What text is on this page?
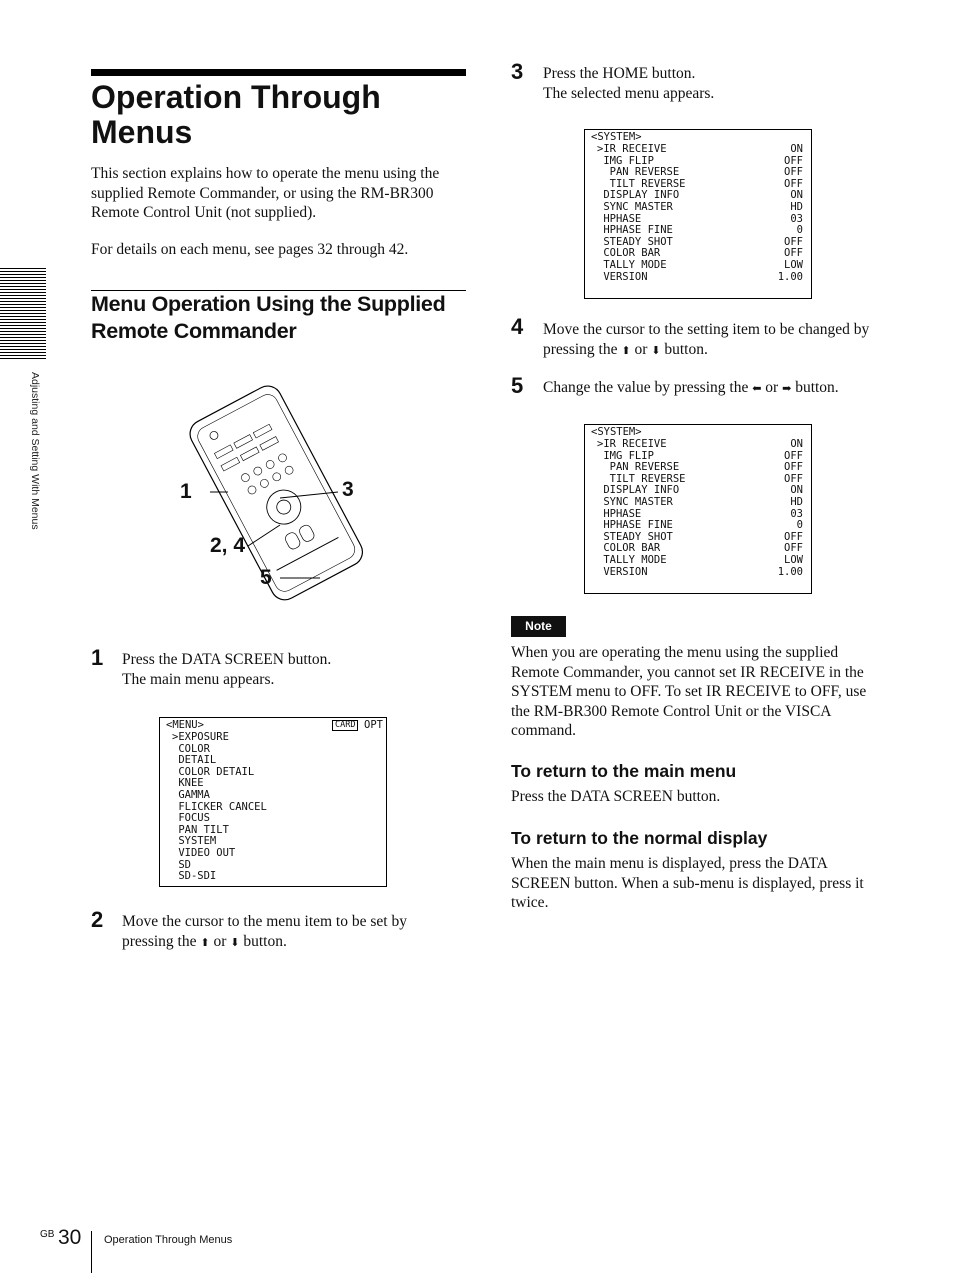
Adjusting and Setting With Menus
Operation Through Menus

This section explains how to operate the menu using the supplied Remote Commander, or using the RM-BR300 Remote Control Unit (not supplied).

For details on each menu, see pages 32 through 42.

Menu Operation Using the Supplied Remote Commander
1	3
2, 4
5
1 Press the DATA SCREEN button.
The main menu appears.

<MENU>	CARD OPT
>EXPOSURE
COLOR
DETAIL
COLOR DETAIL
KNEE
GAMMA
FLICKER CANCEL
FOCUS
PAN TILT
SYSTEM
VIDEO OUT
SD
SD-SDI
2 Move the cursor to the menu item to be set by pressing the ⬆ or ⬇ button.

3 Press the HOME button.
The selected menu appears.

<SYSTEM>
>IR RECEIVE	ON
IMG FLIP	OFF
PAN REVERSE	OFF
TILT REVERSE	OFF
DISPLAY INFO	ON
SYNC MASTER	HD
HPHASE	03
HPHASE FINE	0
STEADY SHOT	OFF
COLOR BAR	OFF
TALLY MODE	LOW
VERSION	1.00
4 Move the cursor to the setting item to be changed by pressing the ⬆ or ⬇ button.

5 Change the value by pressing the ⬅ or ➡ button.

<SYSTEM>
>IR RECEIVE	ON
IMG FLIP	OFF
PAN REVERSE	OFF
TILT REVERSE	OFF
DISPLAY INFO	ON
SYNC MASTER	HD
HPHASE	03
HPHASE FINE	0
STEADY SHOT	OFF
COLOR BAR	OFF
TALLY MODE	LOW
VERSION	1.00
Note

When you are operating the menu using the supplied Remote Commander, you cannot set IR RECEIVE in the SYSTEM menu to OFF. To set IR RECEIVE to OFF, use the RM-BR300 Remote Control Unit or the VISCA command.

To return to the main menu

Press the DATA SCREEN button.

To return to the normal display

When the main menu is displayed, press the DATA SCREEN button. When a sub-menu is displayed, press it twice.

GB 30 Operation Through Menus
